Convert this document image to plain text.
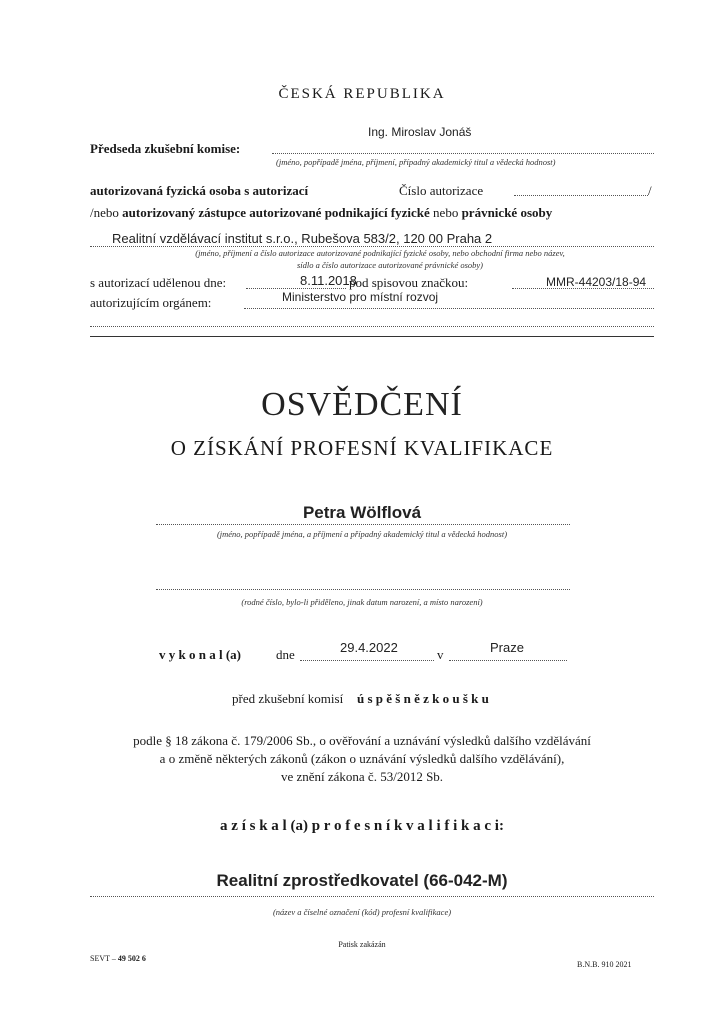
ČESKÁ REPUBLIKA
Ing. Miroslav Jonáš
Předseda zkušební komise:
(jméno, popřípadě jména, příjmení, případný akademický titul a vědecká hodnost)
autorizovaná fyzická osoba s autorizací	Číslo autorizace	/
/nebo autorizovaný zástupce autorizované podnikající fyzické nebo právnické osoby
Realitní vzdělávací institut s.r.o., Rubešova 583/2, 120 00 Praha 2
(jméno, příjmení a číslo autorizace autorizované podnikající fyzické osoby, nebo obchodní firma nebo název,
sídlo a číslo autorizace autorizované právnické osoby)
s autorizací udělenou dne:	8.11.2018
pod spisovou značkou:	MMR-44203/18-94
autorizujícím orgánem:	Ministerstvo pro místní rozvoj
OSVĚDČENÍ
O ZÍSKÁNÍ PROFESNÍ KVALIFIKACE
Petra Wölflová
(jméno, popřípadě jména, a příjmení a případný akademický titul a vědecká hodnost)
(rodné číslo, bylo-li přiděleno, jinak datum narození, a místo narození)
v y k o n a l (a)	dne	29.4.2022	v	Praze
před zkušební komisí ú s p ě š n ě z k o u š k u
podle § 18 zákona č. 179/2006 Sb., o ověřování a uznávání výsledků dalšího vzdělávání
a o změně některých zákonů (zákon o uznávání výsledků dalšího vzdělávání),
ve znění zákona č. 53/2012 Sb.
a z í s k a l (a) p r o f e s n í k v a l i f i k a c i:
Realitní zprostředkovatel (66-042-M)
(název a číselné označení (kód) profesní kvalifikace)
Patisk zakázán
SEVT – 49 502 6
B.N.B. 910 2021
